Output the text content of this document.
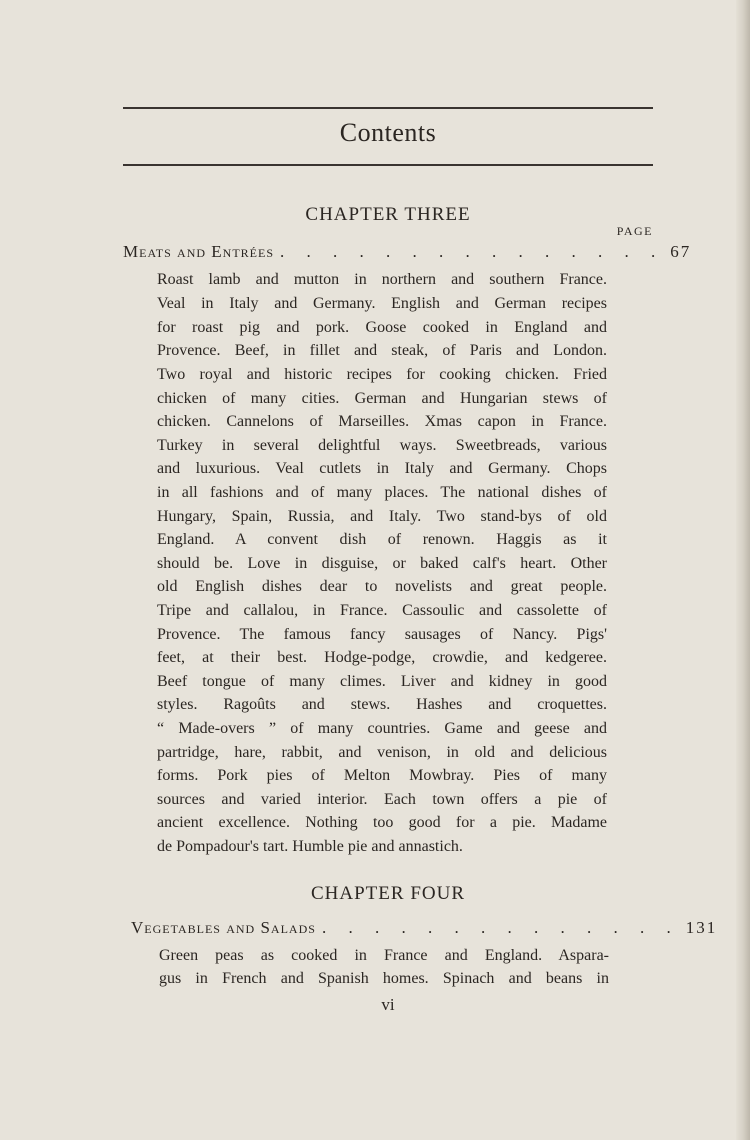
Contents
CHAPTER THREE
PAGE
Meats and Entrées . . . . . . . . . . . . . . . 67
Roast lamb and mutton in northern and southern France.
Veal in Italy and Germany. English and German recipes
for roast pig and pork. Goose cooked in England and
Provence. Beef, in fillet and steak, of Paris and London.
Two royal and historic recipes for cooking chicken. Fried
chicken of many cities. German and Hungarian stews of
chicken. Cannelons of Marseilles. Xmas capon in France.
Turkey in several delightful ways. Sweetbreads, various
and luxurious. Veal cutlets in Italy and Germany. Chops
in all fashions and of many places. The national dishes of
Hungary, Spain, Russia, and Italy. Two stand-bys of old
England. A convent dish of renown. Haggis as it
should be. Love in disguise, or baked calf's heart. Other
old English dishes dear to novelists and great people.
Tripe and callalou, in France. Cassoulic and cassolette of
Provence. The famous fancy sausages of Nancy. Pigs'
feet, at their best. Hodge-podge, crowdie, and kedgeree.
Beef tongue of many climes. Liver and kidney in good
styles. Ragoûts and stews. Hashes and croquettes.
“ Made-overs ” of many countries. Game and geese and
partridge, hare, rabbit, and venison, in old and delicious
forms. Pork pies of Melton Mowbray. Pies of many
sources and varied interior. Each town offers a pie of
ancient excellence. Nothing too good for a pie. Madame
de Pompadour's tart. Humble pie and annastich.
CHAPTER FOUR
Vegetables and Salads . . . . . . . . . . . . . . 131
Green peas as cooked in France and England. Aspara-
gus in French and Spanish homes. Spinach and beans in
vi
